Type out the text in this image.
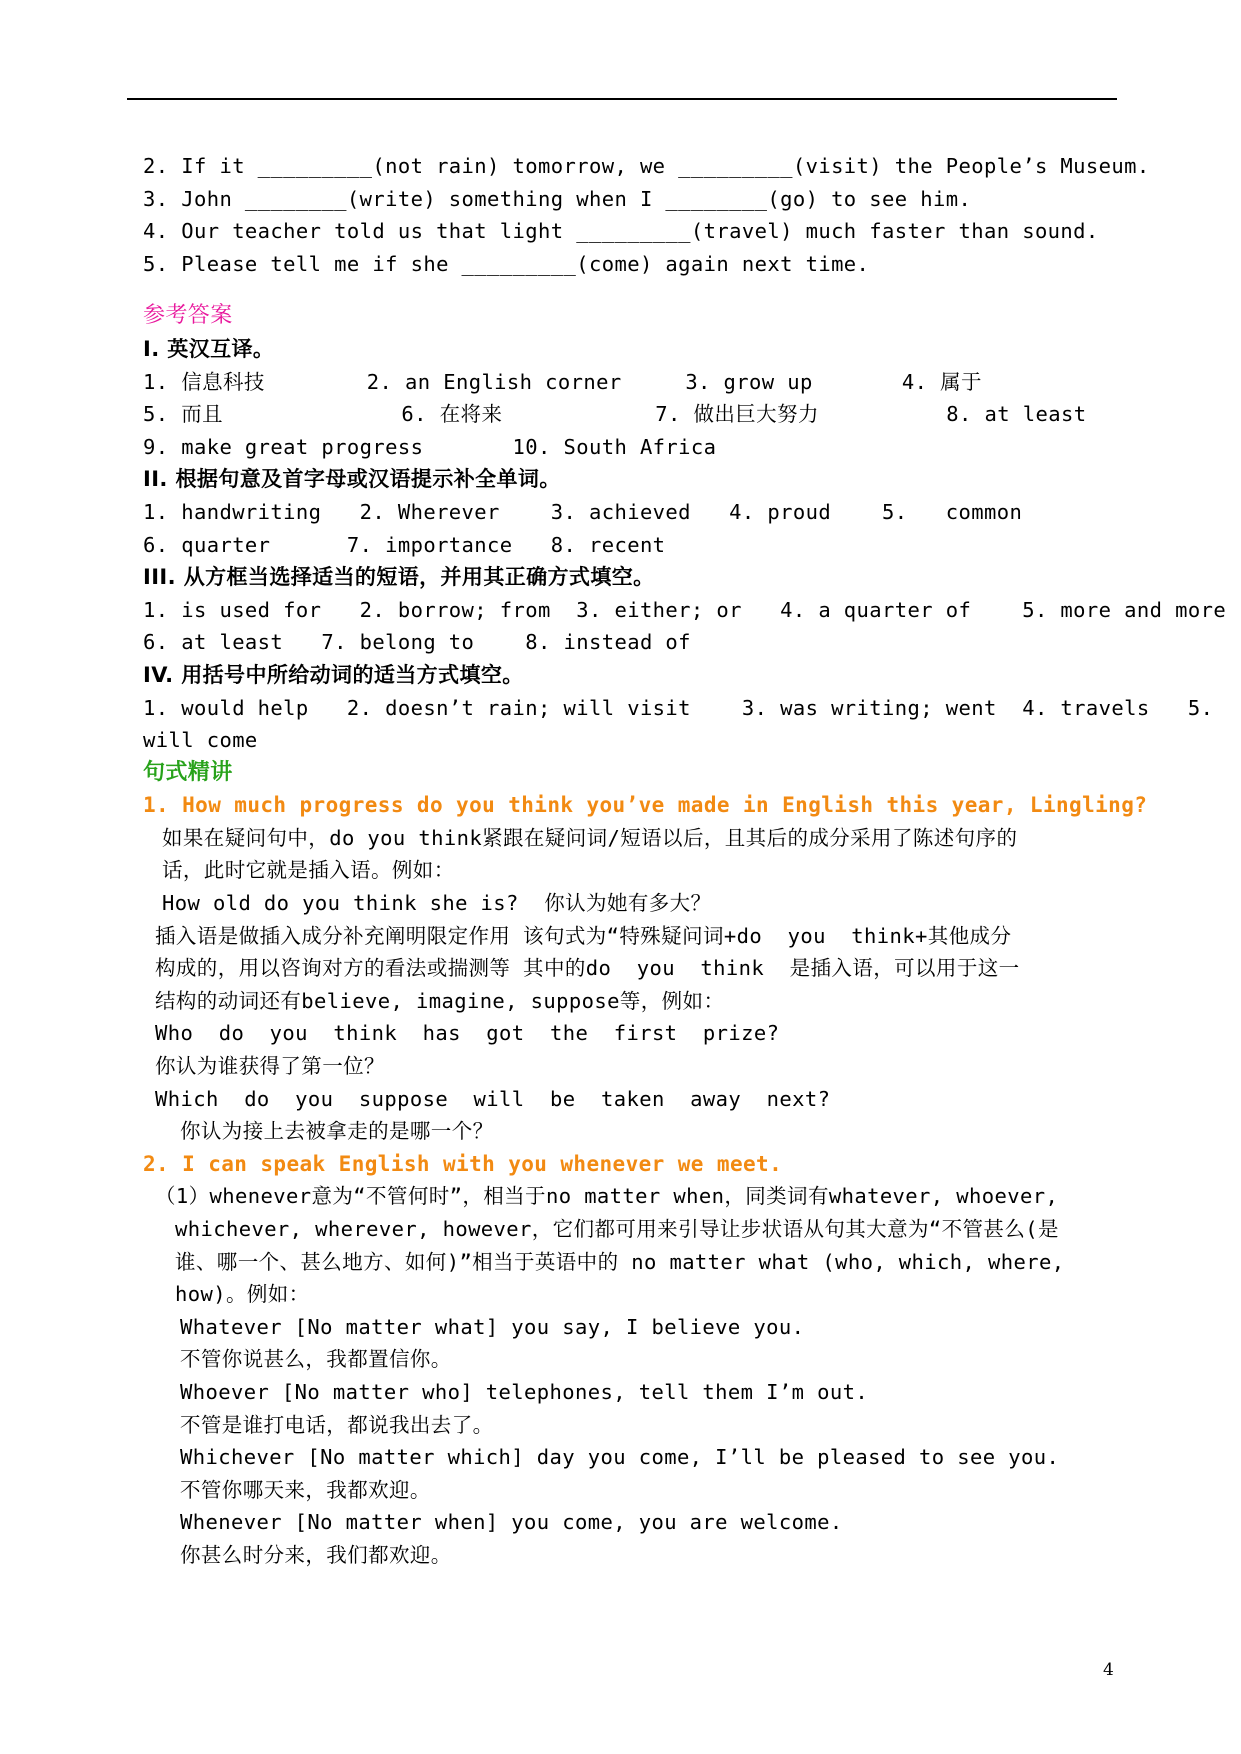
2. If it _________(not rain) tomorrow, we _________(visit) the People’s Museum.
3. John ________(write) something when I ________(go) to see him.
4. Our teacher told us that light _________(travel) much faster than sound.
5. Please tell me if she _________(come) again next time.
参考答案
I. 英汉互译。
1. 信息科技        2. an English corner     3. grow up       4. 属于
5. 而且              6. 在将来            7. 做出巨大努力          8. at least
9. make great progress       10. South Africa
II. 根据句意及首字母或汉语提示补全单词。
1. handwriting   2. Wherever    3. achieved   4. proud    5.   common
6. quarter      7. importance   8. recent
III. 从方框当选择适当的短语，并用其正确方式填空。
1. is used for   2. borrow; from  3. either; or   4. a quarter of    5. more and more
6. at least   7. belong to    8. instead of
IV. 用括号中所给动词的适当方式填空。
1. would help   2. doesn’t rain; will visit    3. was writing; went  4. travels   5.
will come
句式精讲
1. How much progress do you think you’ve made in English this year, Lingling?
如果在疑问句中，do you think紧跟在疑问词/短语以后，且其后的成分采用了陈述句序的
话，此时它就是插入语。例如：
How old do you think she is?  你认为她有多大？
插入语是做插入成分补充阐明限定作用 该句式为“特殊疑问词+do  you  think+其他成分
构成的，用以咨询对方的看法或揣测等 其中的do  you  think  是插入语，可以用于这一
结构的动词还有believe, imagine, suppose等，例如：
Who  do  you  think  has  got  the  first  prize?
你认为谁获得了第一位？
Which  do  you  suppose  will  be  taken  away  next?
你认为接上去被拿走的是哪一个？
2. I can speak English with you whenever we meet.
（1）whenever意为“不管何时”，相当于no matter when，同类词有whatever, whoever,
whichever, wherever, however，它们都可用来引导让步状语从句其大意为“不管甚么(是
谁、哪一个、甚么地方、如何)”相当于英语中的 no matter what (who, which, where,
how)。例如：
Whatever [No matter what] you say, I believe you.
不管你说甚么，我都置信你。
Whoever [No matter who] telephones, tell them I’m out.
不管是谁打电话，都说我出去了。
Whichever [No matter which] day you come, I’ll be pleased to see you.
不管你哪天来，我都欢迎。
Whenever [No matter when] you come, you are welcome.
你甚么时分来，我们都欢迎。
4
